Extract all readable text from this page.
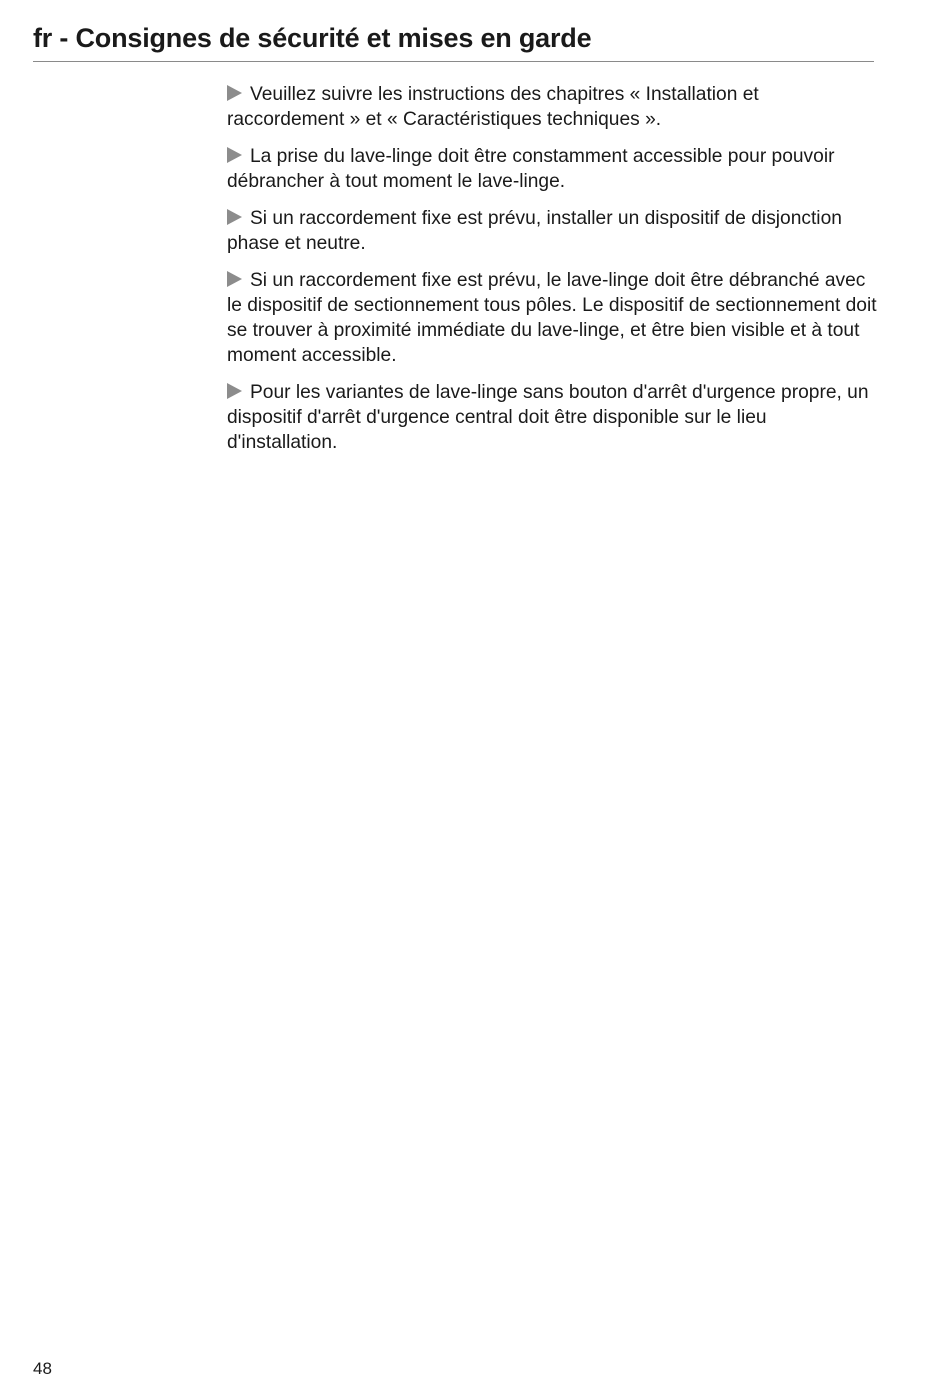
fr - Consignes de sécurité et mises en garde

Veuillez suivre les instructions des chapitres « Installation et raccordement » et « Caractéristiques techniques ».

La prise du lave-linge doit être constamment accessible pour pouvoir débrancher à tout moment le lave-linge.

Si un raccordement fixe est prévu, installer un dispositif de disjonction phase et neutre.

Si un raccordement fixe est prévu, le lave-linge doit être débranché avec le dispositif de sectionnement tous pôles. Le dispositif de sectionnement doit se trouver à proximité immédiate du lave-linge, et être bien visible et à tout moment accessible.

Pour les variantes de lave-linge sans bouton d'arrêt d'urgence propre, un dispositif d'arrêt d'urgence central doit être disponible sur le lieu d'installation.

48
